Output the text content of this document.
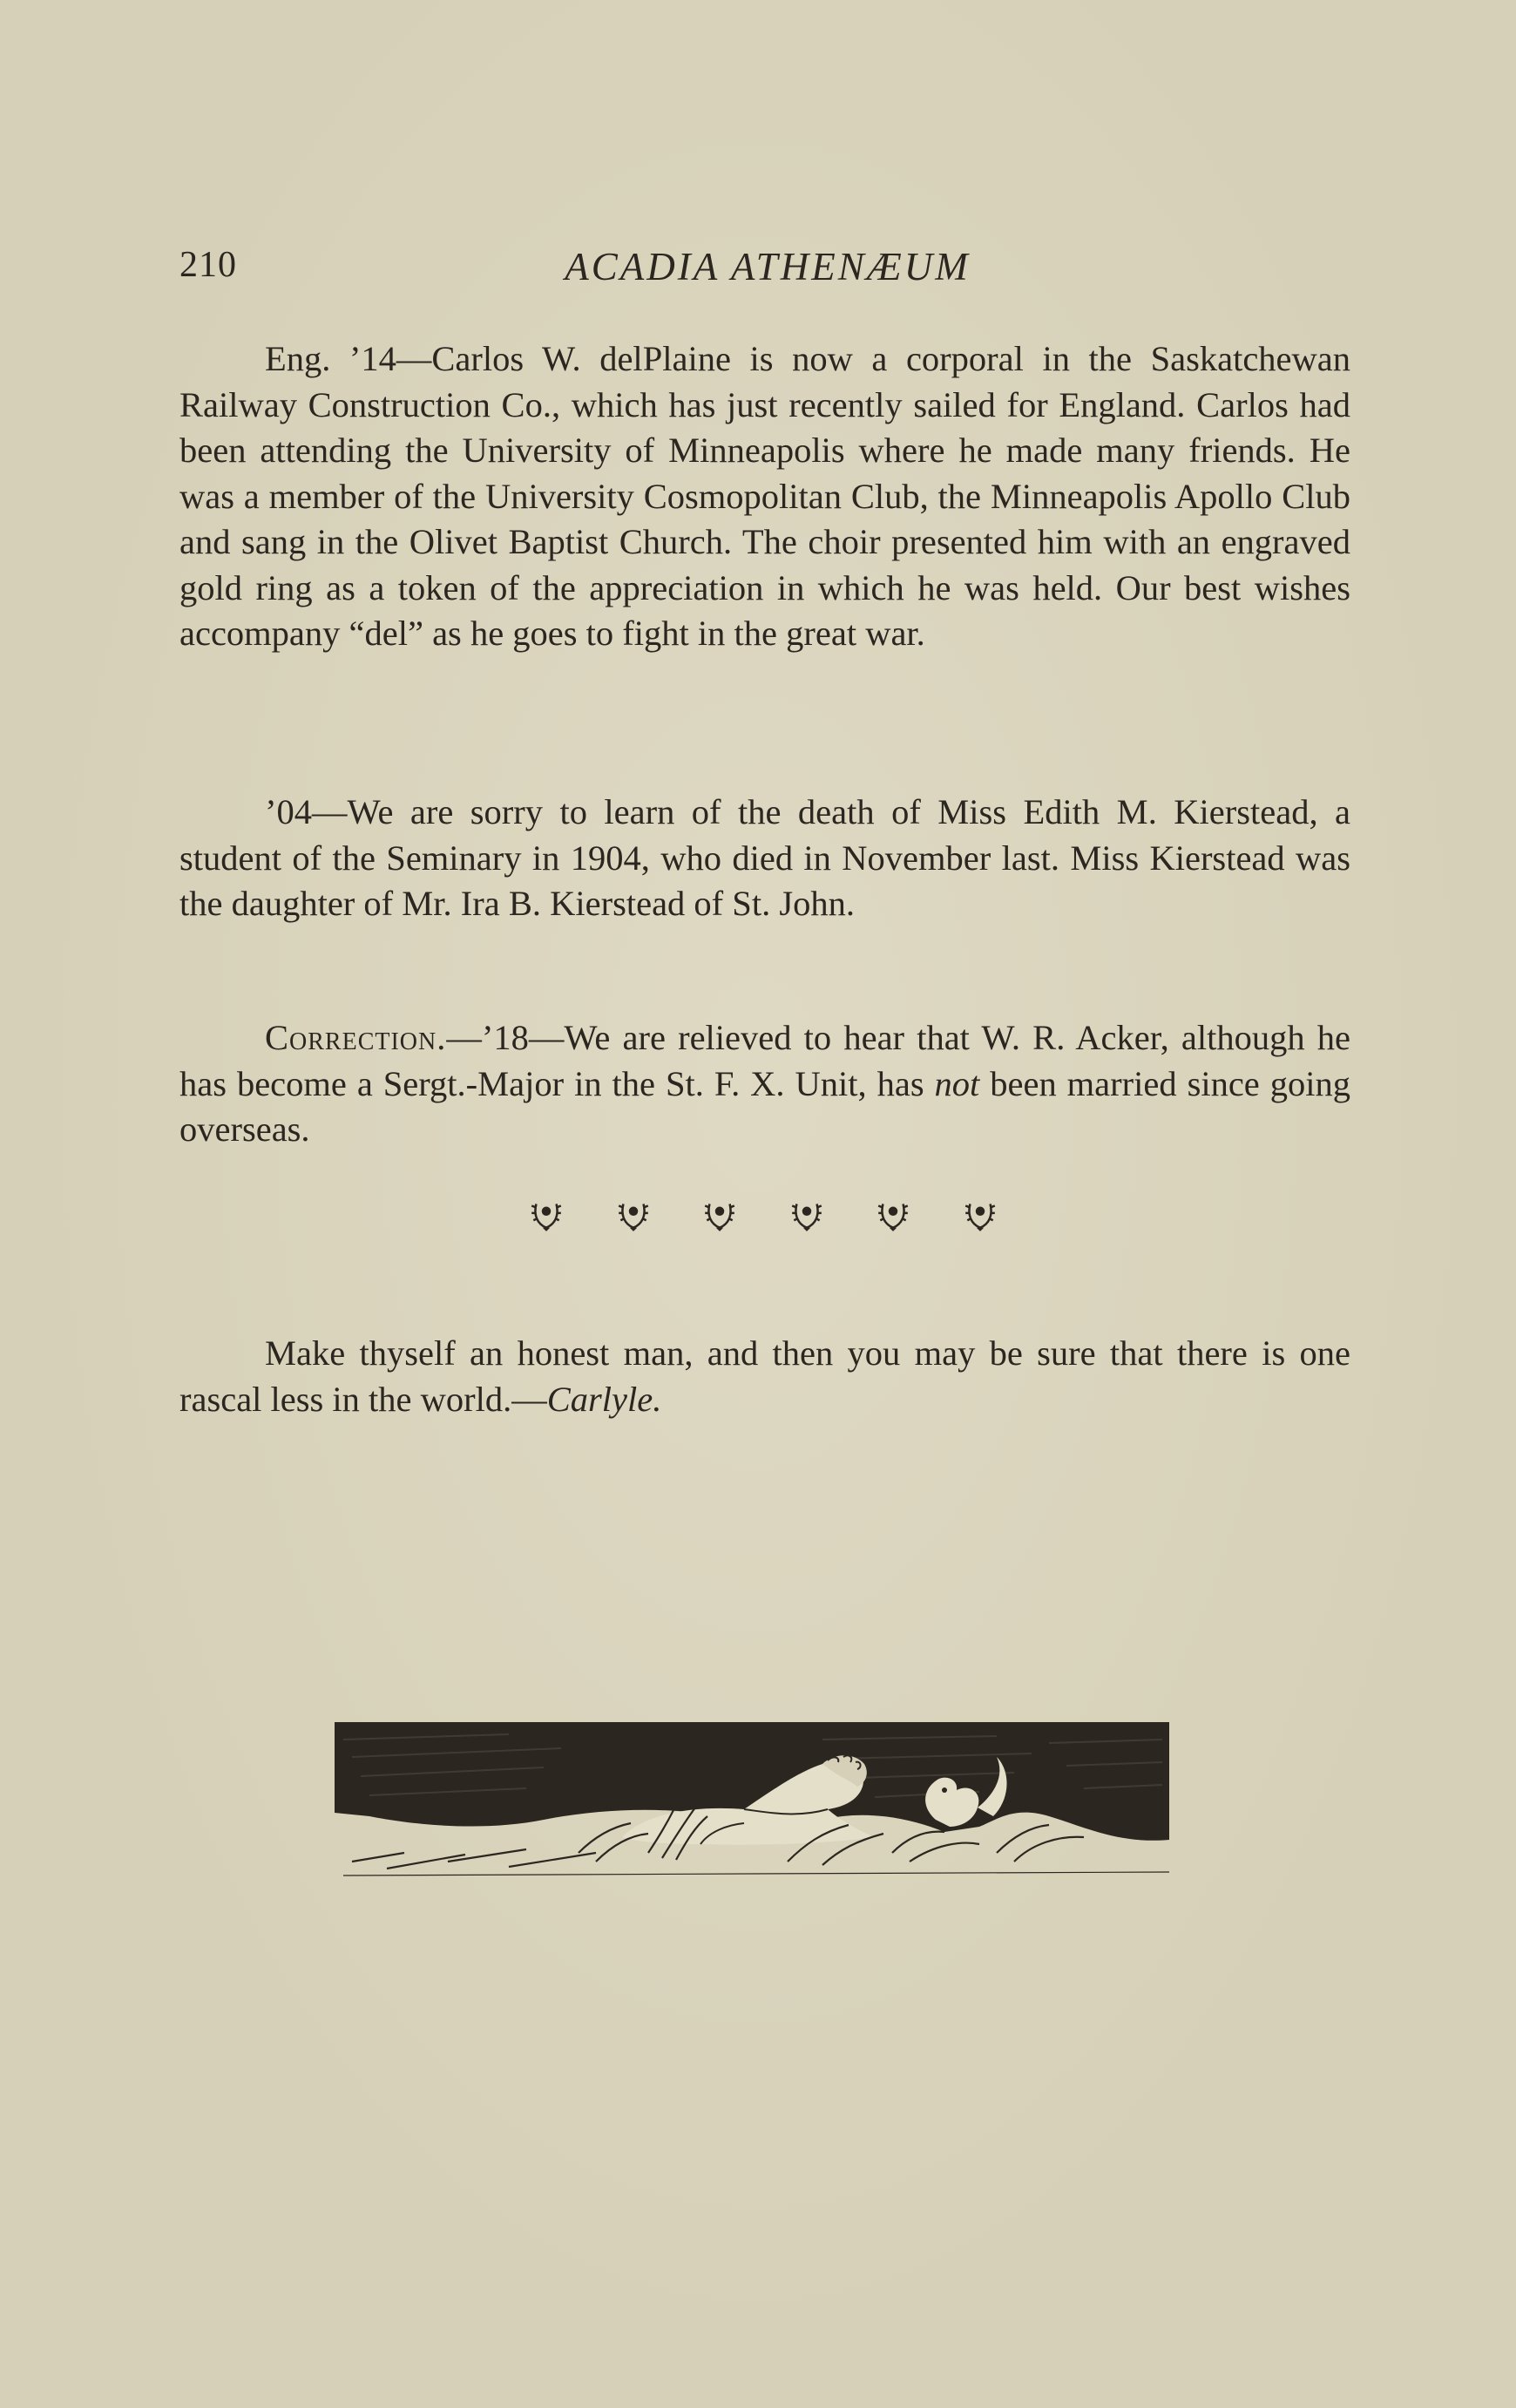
210	ACADIA ATHENÆUM

Eng. ’14—Carlos W. delPlaine is now a corporal in the Saskatchewan Railway Construction Co., which has just recently sailed for England. Carlos had been attending the University of Minneapolis where he made many friends. He was a member of the University Cosmopolitan Club, the Minneapolis Apollo Club and sang in the Olivet Baptist Church. The choir presented him with an engraved gold ring as a token of the appreciation in which he was held. Our best wishes accompany “del” as he goes to fight in the great war.

’04—We are sorry to learn of the death of Miss Edith M. Kierstead, a student of the Seminary in 1904, who died in November last. Miss Kierstead was the daughter of Mr. Ira B. Kierstead of St. John.

Correction.—’18—We are relieved to hear that W. R. Acker, although he has become a Sergt.-Major in the St. F. X. Unit, has not been married since going overseas.

Make thyself an honest man, and then you may be sure that there is one rascal less in the world.—Carlyle.
